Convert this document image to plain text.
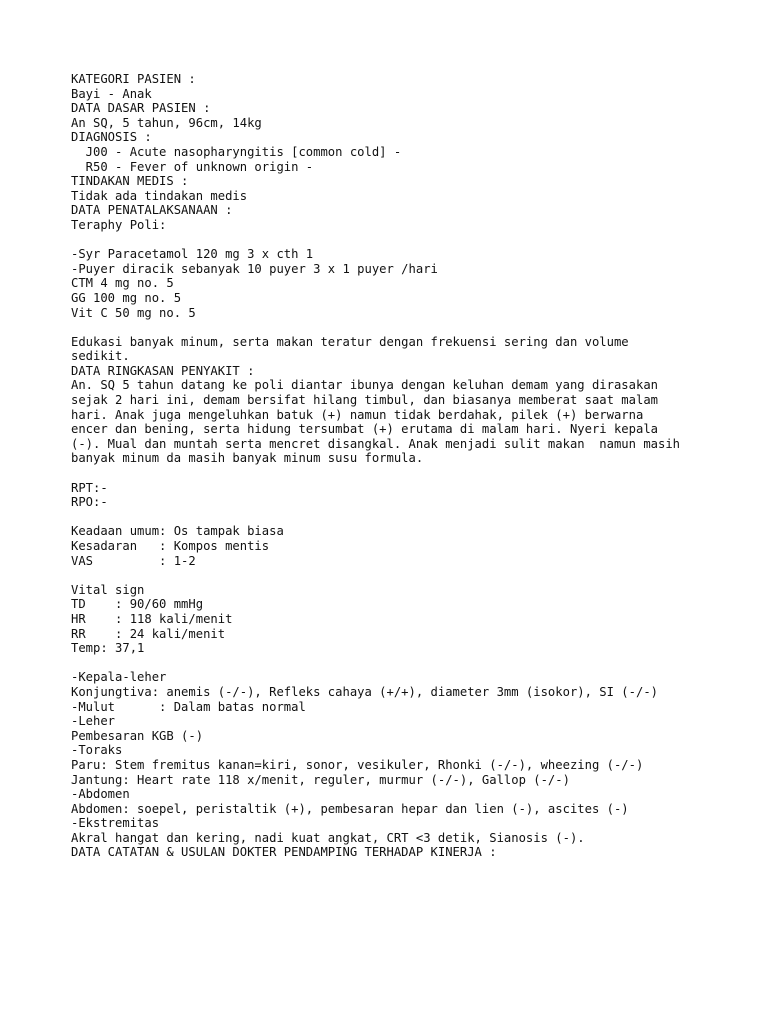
KATEGORI PASIEN :
Bayi - Anak
DATA DASAR PASIEN :
An SQ, 5 tahun, 96cm, 14kg
DIAGNOSIS :
J00 - Acute nasopharyngitis [common cold] -
R50 - Fever of unknown origin -
TINDAKAN MEDIS :
Tidak ada tindakan medis
DATA PENATALAKSANAAN :
Teraphy Poli:
-Syr Paracetamol 120 mg 3 x cth 1
-Puyer diracik sebanyak 10 puyer 3 x 1 puyer /hari
CTM 4 mg no. 5
GG 100 mg no. 5
Vit C 50 mg no. 5
Edukasi banyak minum, serta makan teratur dengan frekuensi sering dan volume
sedikit.
DATA RINGKASAN PENYAKIT :
An. SQ 5 tahun datang ke poli diantar ibunya dengan keluhan demam yang dirasakan
sejak 2 hari ini, demam bersifat hilang timbul, dan biasanya memberat saat malam
hari. Anak juga mengeluhkan batuk (+) namun tidak berdahak, pilek (+) berwarna
encer dan bening, serta hidung tersumbat (+) erutama di malam hari. Nyeri kepala
(-). Mual dan muntah serta mencret disangkal. Anak menjadi sulit makan  namun masih
banyak minum da masih banyak minum susu formula.
RPT:-
RPO:-
Keadaan umum: Os tampak biasa
Kesadaran   : Kompos mentis
VAS         : 1-2
Vital sign
TD    : 90/60 mmHg
HR    : 118 kali/menit
RR    : 24 kali/menit
Temp: 37,1
-Kepala-leher
Konjungtiva: anemis (-/-), Refleks cahaya (+/+), diameter 3mm (isokor), SI (-/-)
-Mulut      : Dalam batas normal
-Leher
Pembesaran KGB (-)
-Toraks
Paru: Stem fremitus kanan=kiri, sonor, vesikuler, Rhonki (-/-), wheezing (-/-)
Jantung: Heart rate 118 x/menit, reguler, murmur (-/-), Gallop (-/-)
-Abdomen
Abdomen: soepel, peristaltik (+), pembesaran hepar dan lien (-), ascites (-)
-Ekstremitas
Akral hangat dan kering, nadi kuat angkat, CRT <3 detik, Sianosis (-).
DATA CATATAN & USULAN DOKTER PENDAMPING TERHADAP KINERJA :
